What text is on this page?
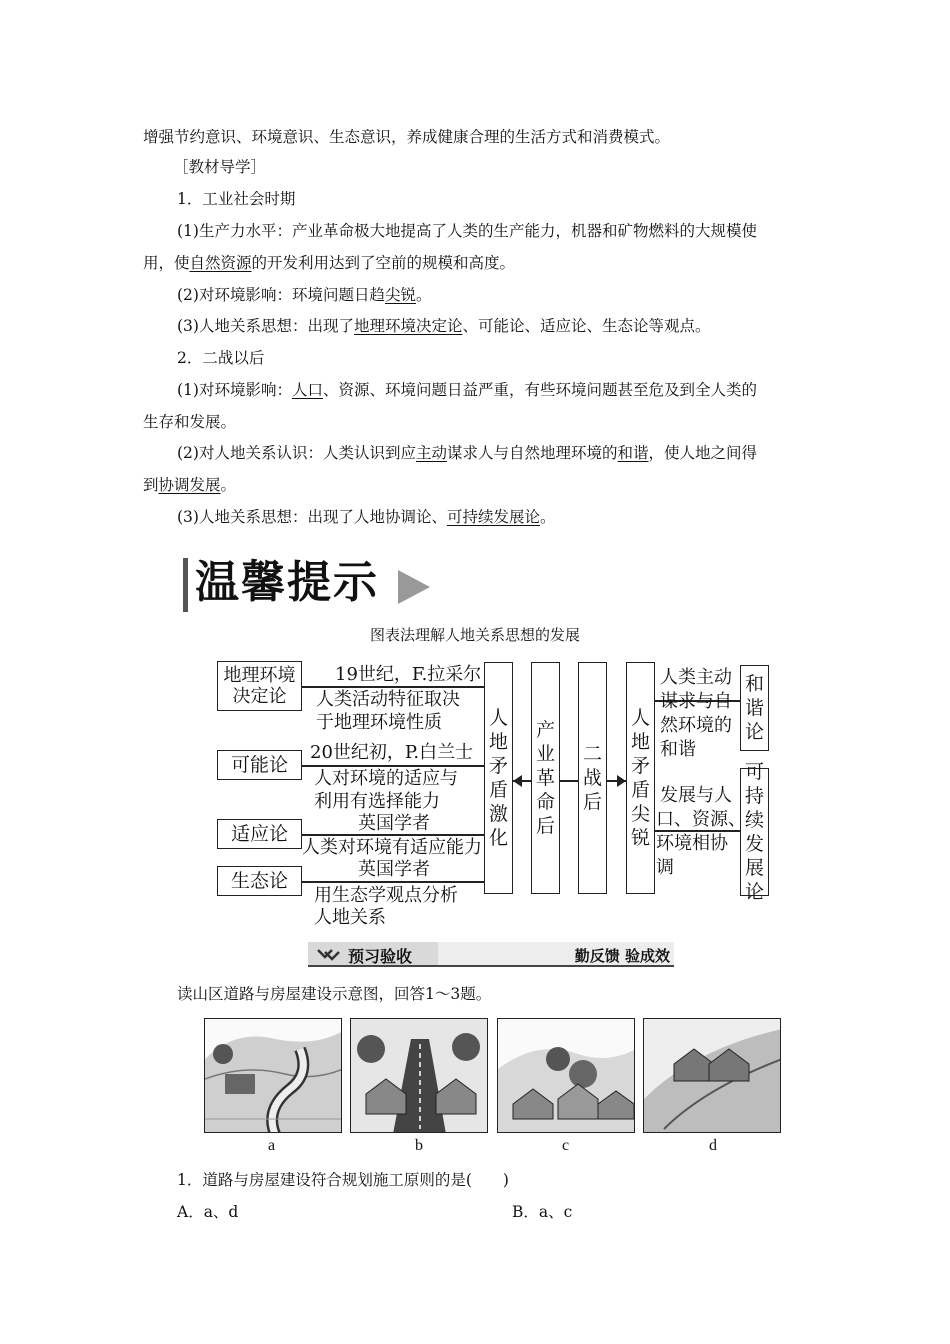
增强节约意识、环境意识、生态意识，养成健康合理的生活方式和消费模式。
［教材导学］
1．工业社会时期
(1)生产力水平：产业革命极大地提高了人类的生产能力，机器和矿物燃料的大规模使
用，使自然资源的开发利用达到了空前的规模和高度。
(2)对环境影响：环境问题日趋尖锐。
(3)人地关系思想：出现了地理环境决定论、可能论、适应论、生态论等观点。
2．二战以后
(1)对环境影响：人口、资源、环境问题日益严重，有些环境问题甚至危及到全人类的
生存和发展。
(2)对人地关系认识：人类认识到应主动谋求人与自然地理环境的和谐，使人地之间得
到协调发展。
(3)人地关系思想：出现了人地协调论、可持续发展论。
温馨提示
图表法理解人地关系思想的发展
地理环境决定论
可能论
适应论
生态论
19世纪，F.拉采尔
人类活动特征取决
于地理环境性质
20世纪初，P.白兰士
人对环境的适应与
利用有选择能力
英国学者
人类对环境有适应能力
英国学者
用生态学观点分析
人地关系
人
地
矛
盾
激
化
产
业
革
命
后
二
战
后
人
地
矛
盾
尖
锐
人类主动
谋求与自
然环境的
和谐
发展与人
口、资源、
环境相协
调
和
谐
论
可
持
续
发
展
论
预习验收	勤反馈 验成效
读山区道路与房屋建设示意图，回答1～3题。
a	b	c	d
1．道路与房屋建设符合规划施工原则的是(　　)
A．a、d	B．a、c
